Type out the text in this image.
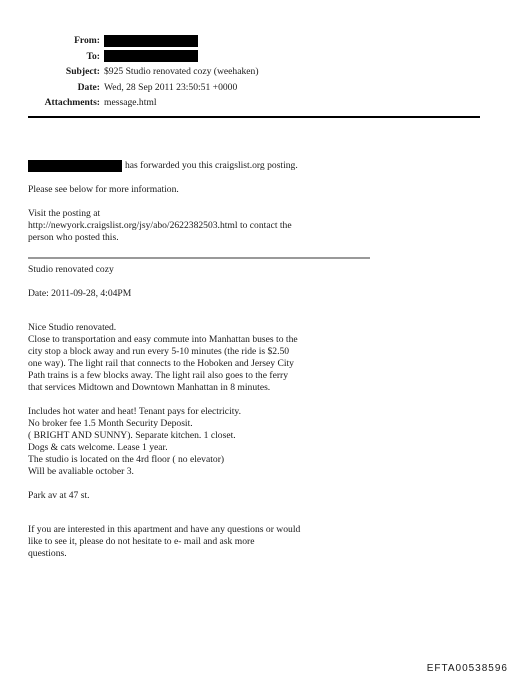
From:
To:
Subject: $925 Studio renovated cozy (weehaken)
Date: Wed, 28 Sep 2011 23:50:51 +0000
Attachments: message.html
has forwarded you this craigslist.org posting.
Please see below for more information.
Visit the posting at
http://newyork.craigslist.org/jsy/abo/2622382503.html to contact the
person who posted this.
Studio renovated cozy
Date: 2011-09-28, 4:04PM
Nice Studio renovated.
Close to transportation and easy commute into Manhattan buses to the
city stop a block away and run every 5-10 minutes (the ride is $2.50
one way). The light rail that connects to the Hoboken and Jersey City
Path trains is a few blocks away. The light rail also goes to the ferry
that services Midtown and Downtown Manhattan in 8 minutes.
Includes hot water and heat! Tenant pays for electricity.
No broker fee 1.5 Month Security Deposit.
( BRIGHT AND SUNNY). Separate kitchen. 1 closet.
Dogs & cats welcome. Lease 1 year.
The studio is located on the 4rd floor ( no elevator)
Will be avaliable october 3.
Park av at 47 st.
If you are interested in this apartment and have any questions or would
like to see it, please do not hesitate to e- mail and ask more
questions.
EFTA00538596
